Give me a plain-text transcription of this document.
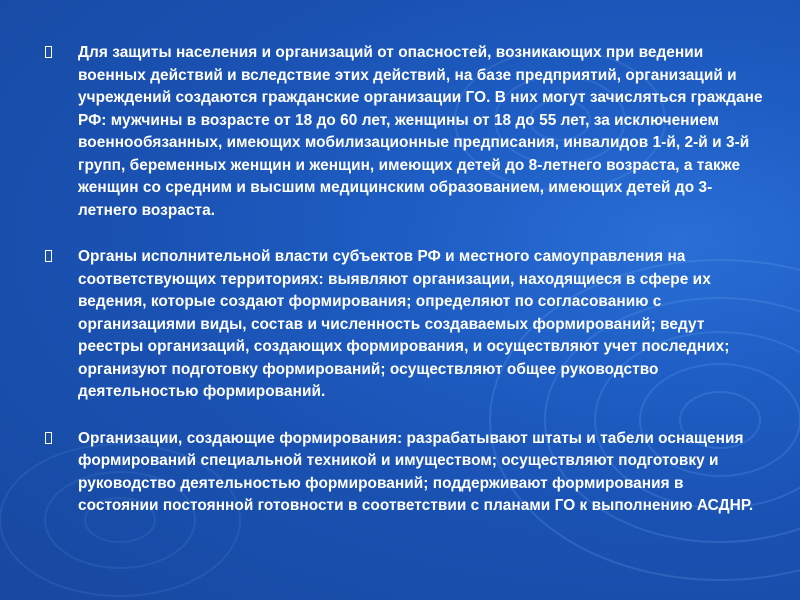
Для защиты населения и организаций от опасностей, возникающих при ведении военных действий и вследствие этих действий, на базе предприятий, организаций и учреждений создаются гражданские организации ГО. В них могут зачисляться граждане РФ: мужчины в возрасте от 18 до 60 лет, женщины от 18 до 55 лет, за исключением военнообязанных, имеющих мобилизационные предписания, инвалидов 1-й, 2-й и 3-й групп, беременных женщин и женщин, имеющих детей до 8-летнего возраста, а также женщин со средним и высшим медицинским образованием, имеющих детей до 3-летнего возраста.
Органы исполнительной власти субъектов РФ и местного самоуправления на соответствующих территориях: выявляют организации, находящиеся в сфере их ведения, которые создают формирования; определяют по согласованию с организациями виды, состав и численность создаваемых формирований; ведут реестры организаций, создающих формирования, и осуществляют учет последних; организуют подготовку формирований; осуществляют общее руководство деятельностью формирований.
Организации, создающие формирования: разрабатывают штаты и табели оснащения формирований специальной техникой и имуществом; осуществляют подготовку и руководство деятельностью формирований; поддерживают формирования в состоянии постоянной готовности в соответствии с планами ГО к выполнению АСДНР.
